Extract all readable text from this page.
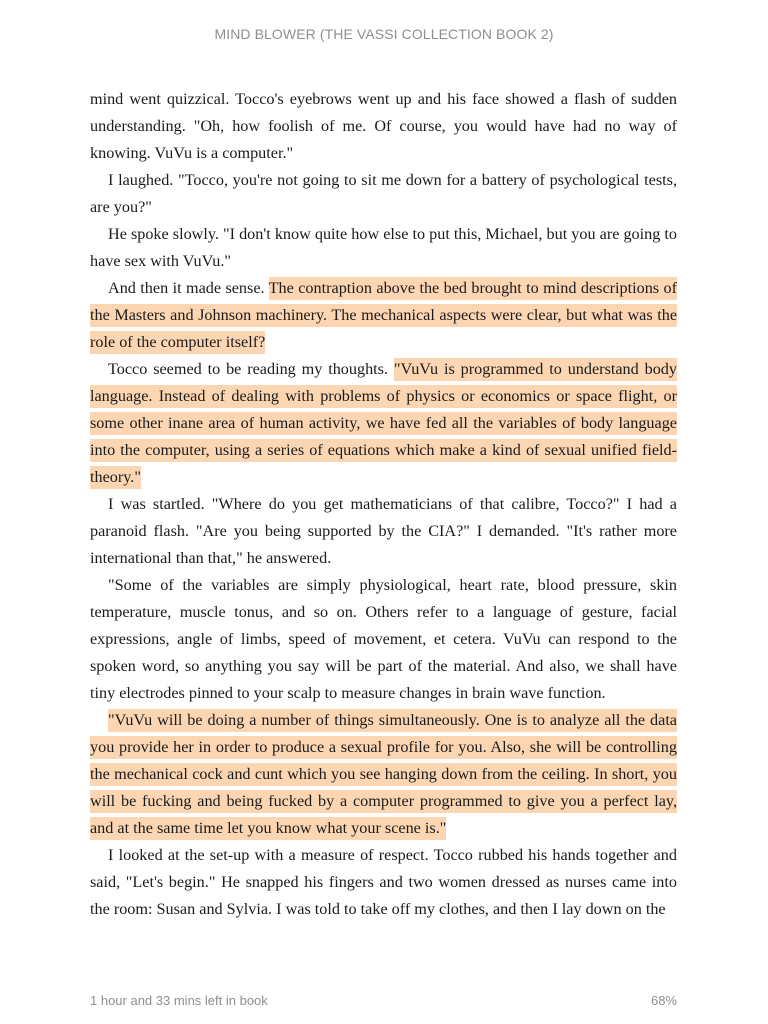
MIND BLOWER (THE VASSI COLLECTION BOOK 2)

mind went quizzical. Tocco's eyebrows went up and his face showed a flash of sudden understanding. "Oh, how foolish of me. Of course, you would have had no way of knowing. VuVu is a computer."

I laughed. "Tocco, you're not going to sit me down for a battery of psychological tests, are you?"

He spoke slowly. "I don't know quite how else to put this, Michael, but you are going to have sex with VuVu."

And then it made sense. The contraption above the bed brought to mind descriptions of the Masters and Johnson machinery. The mechanical aspects were clear, but what was the role of the computer itself?

Tocco seemed to be reading my thoughts. "VuVu is programmed to understand body language. Instead of dealing with problems of physics or economics or space flight, or some other inane area of human activity, we have fed all the variables of body language into the computer, using a series of equations which make a kind of sexual unified field-theory."

I was startled. "Where do you get mathematicians of that calibre, Tocco?" I had a paranoid flash. "Are you being supported by the CIA?" I demanded. "It's rather more international than that," he answered.

"Some of the variables are simply physiological, heart rate, blood pressure, skin temperature, muscle tonus, and so on. Others refer to a language of gesture, facial expressions, angle of limbs, speed of movement, et cetera. VuVu can respond to the spoken word, so anything you say will be part of the material. And also, we shall have tiny electrodes pinned to your scalp to measure changes in brain wave function.

"VuVu will be doing a number of things simultaneously. One is to analyze all the data you provide her in order to produce a sexual profile for you. Also, she will be controlling the mechanical cock and cunt which you see hanging down from the ceiling. In short, you will be fucking and being fucked by a computer programmed to give you a perfect lay, and at the same time let you know what your scene is."

I looked at the set-up with a measure of respect. Tocco rubbed his hands together and said, "Let's begin." He snapped his fingers and two women dressed as nurses came into the room: Susan and Sylvia. I was told to take off my clothes, and then I lay down on the

1 hour and 33 mins left in book	68%
